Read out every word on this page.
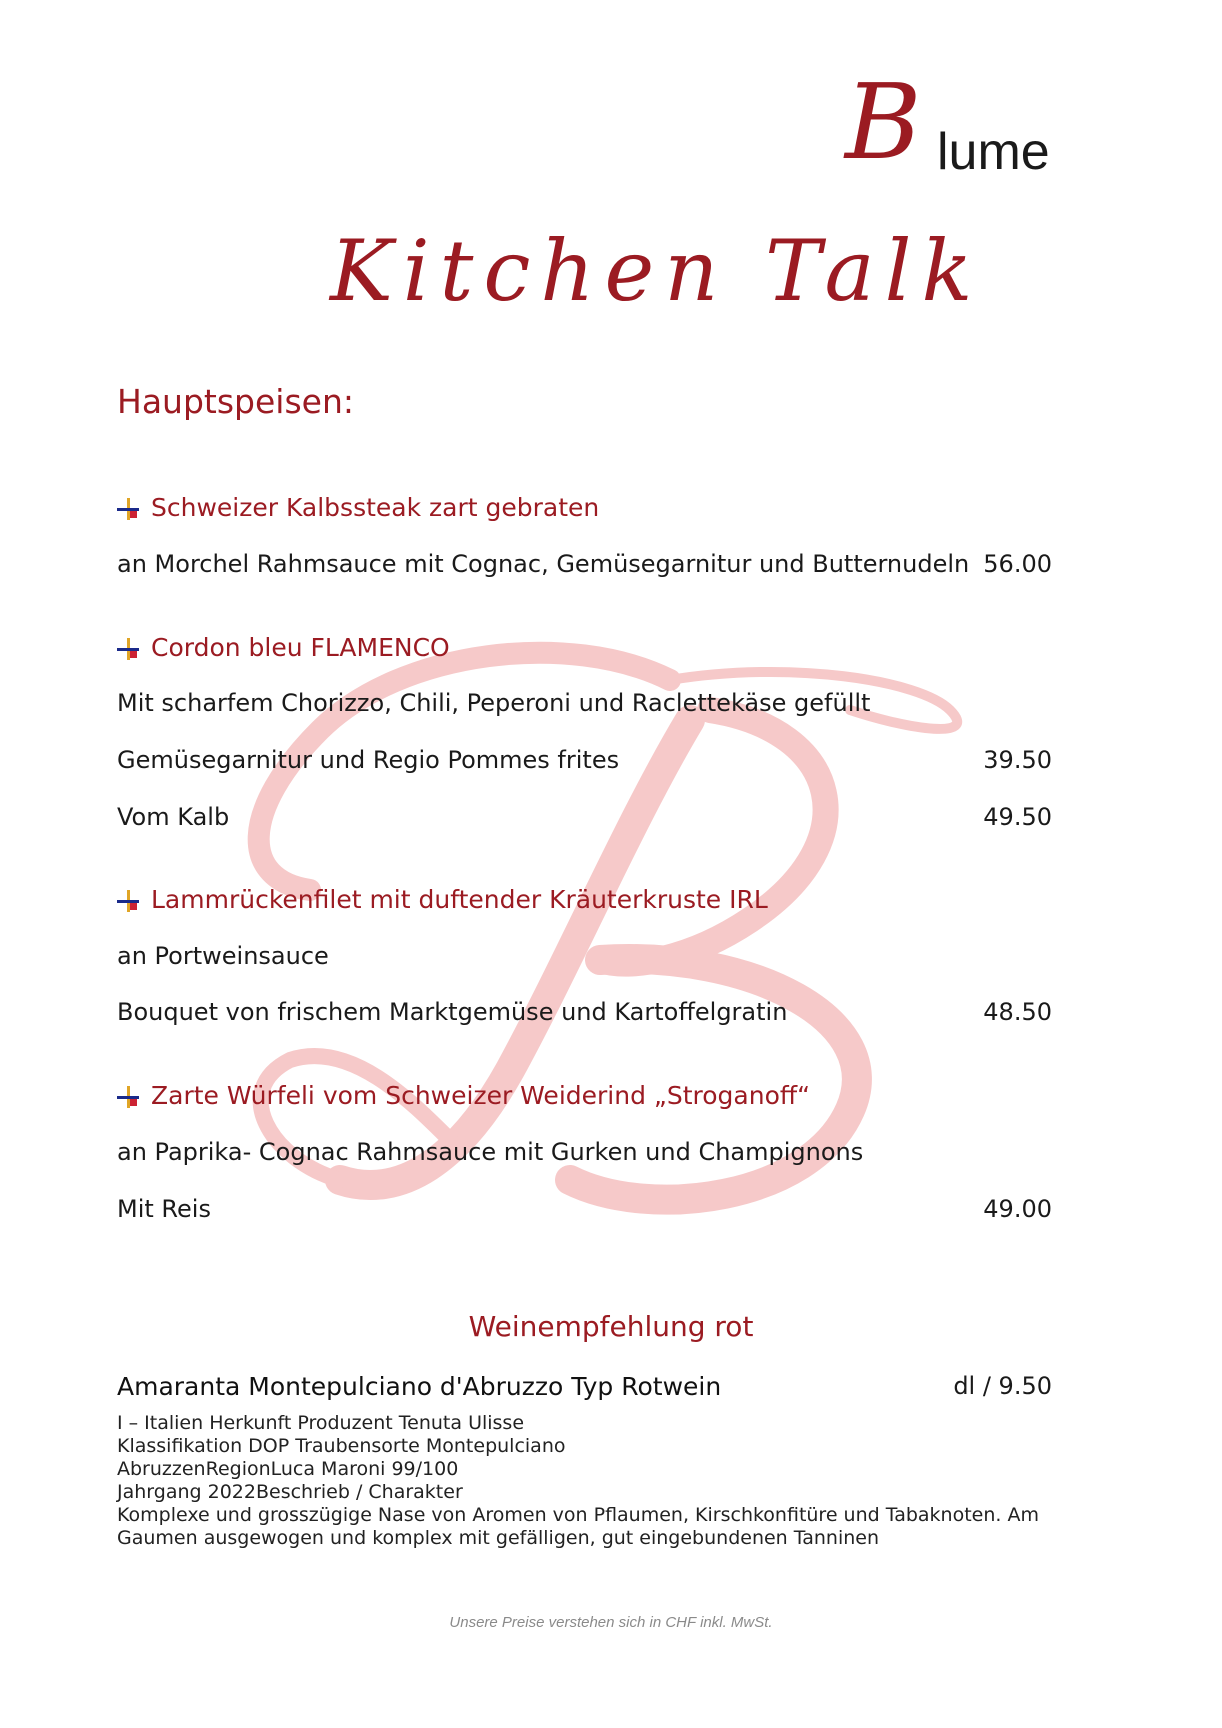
B lume
Kitchen Talk
Hauptspeisen:
Schweizer Kalbssteak zart gebraten
an Morchel Rahmsauce mit Cognac, Gemüsegarnitur und Butternudeln 56.00
Cordon bleu FLAMENCO
Mit scharfem Chorizzo, Chili, Peperoni und Raclettekäse gefüllt
Gemüsegarnitur und Regio Pommes frites	39.50
Vom Kalb	49.50
Lammrückenfilet mit duftender Kräuterkruste IRL
an Portweinsauce
Bouquet von frischem Marktgemüse und Kartoffelgratin	48.50
Zarte Würfeli vom Schweizer Weiderind „Stroganoff“
an Paprika- Cognac Rahmsauce mit Gurken und Champignons
Mit Reis	49.00
Weinempfehlung rot
Amaranta Montepulciano d'Abruzzo Typ Rotwein	dl / 9.50
I – Italien Herkunft Produzent Tenuta Ulisse
Klassifikation DOP Traubensorte Montepulciano
AbruzzenRegionLuca Maroni 99/100
Jahrgang 2022Beschrieb / Charakter
Komplexe und grosszügige Nase von Aromen von Pflaumen, Kirschkonfitüre und Tabaknoten. Am
Gaumen ausgewogen und komplex mit gefälligen, gut eingebundenen Tanninen
Unsere Preise verstehen sich in CHF inkl. MwSt.
